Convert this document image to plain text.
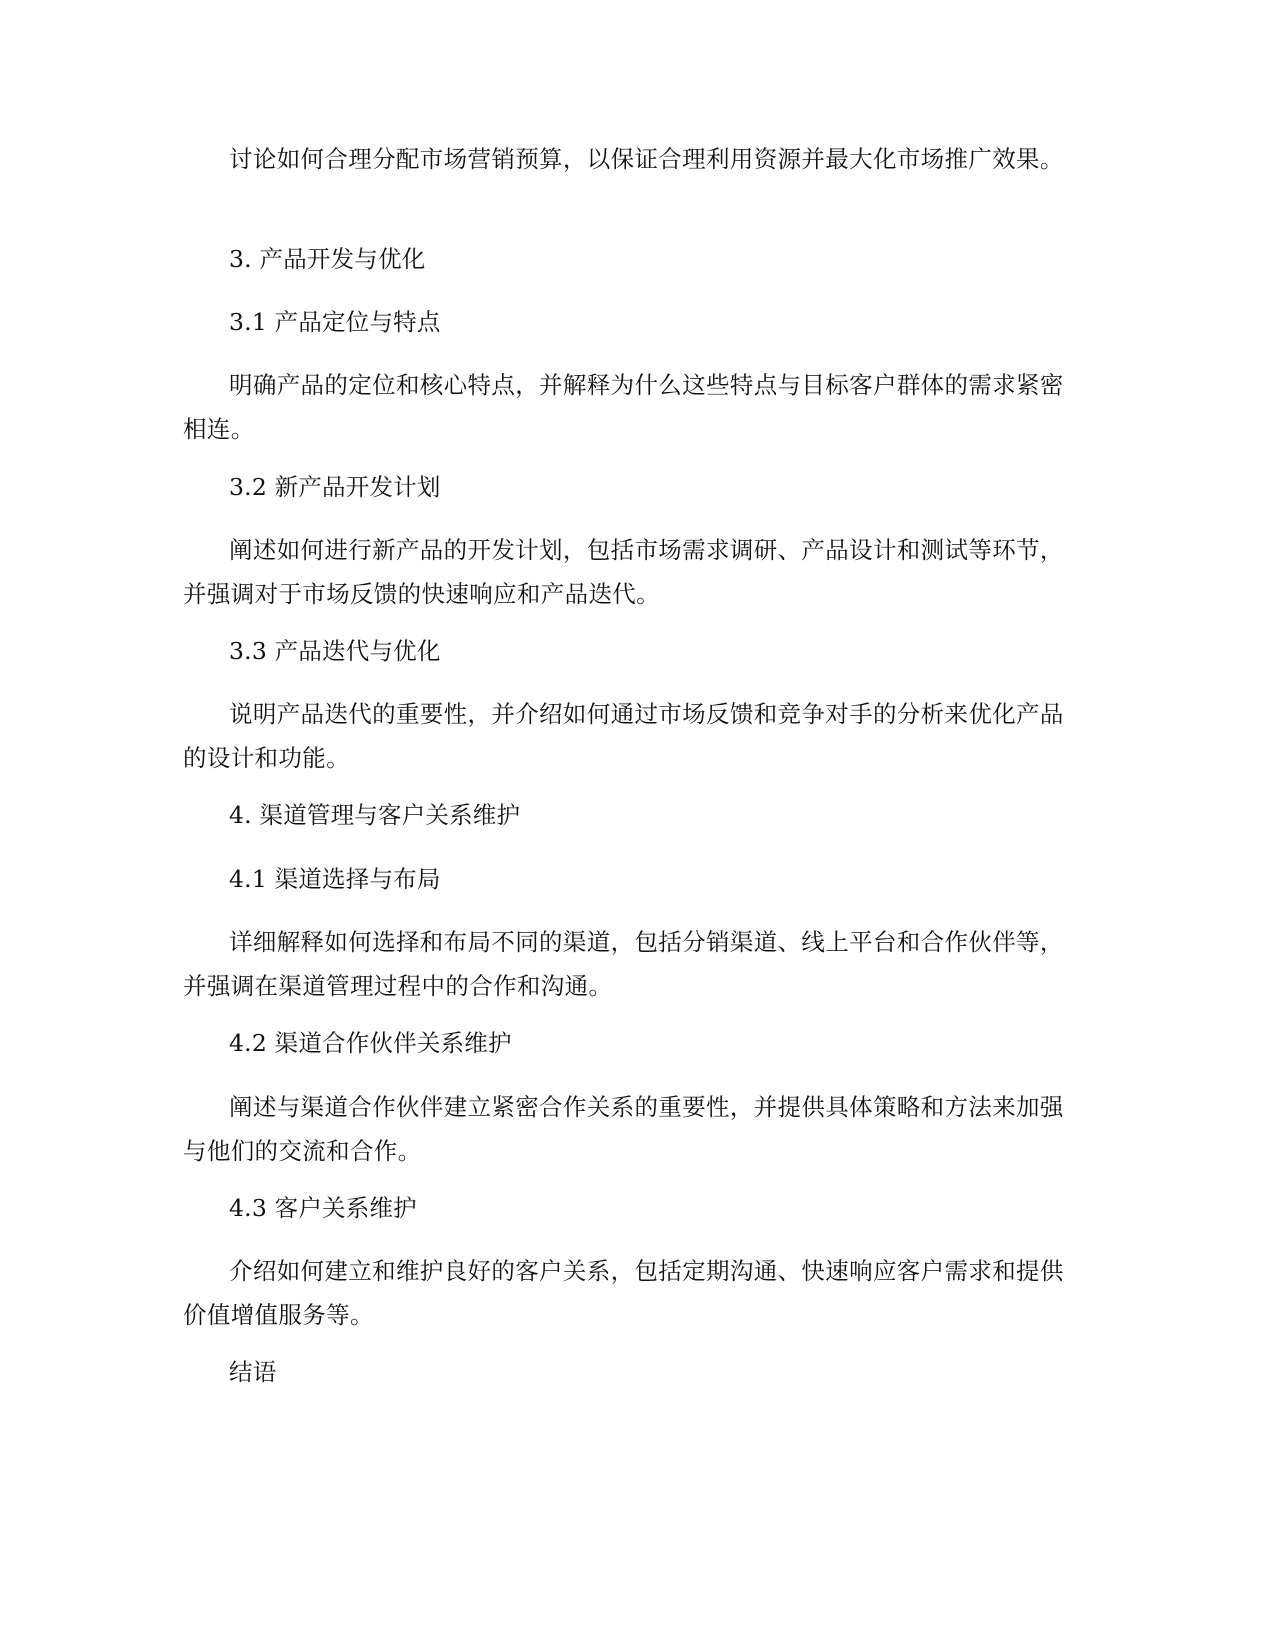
讨论如何合理分配市场营销预算，以保证合理利用资源并最大化市场推广效果。

3. 产品开发与优化

3.1 产品定位与特点

明确产品的定位和核心特点，并解释为什么这些特点与目标客户群体的需求紧密相连。

3.2 新产品开发计划

阐述如何进行新产品的开发计划，包括市场需求调研、产品设计和测试等环节，并强调对于市场反馈的快速响应和产品迭代。

3.3 产品迭代与优化

说明产品迭代的重要性，并介绍如何通过市场反馈和竞争对手的分析来优化产品的设计和功能。

4. 渠道管理与客户关系维护

4.1 渠道选择与布局

详细解释如何选择和布局不同的渠道，包括分销渠道、线上平台和合作伙伴等，并强调在渠道管理过程中的合作和沟通。

4.2 渠道合作伙伴关系维护

阐述与渠道合作伙伴建立紧密合作关系的重要性，并提供具体策略和方法来加强与他们的交流和合作。

4.3 客户关系维护

介绍如何建立和维护良好的客户关系，包括定期沟通、快速响应客户需求和提供价值增值服务等。

结语
